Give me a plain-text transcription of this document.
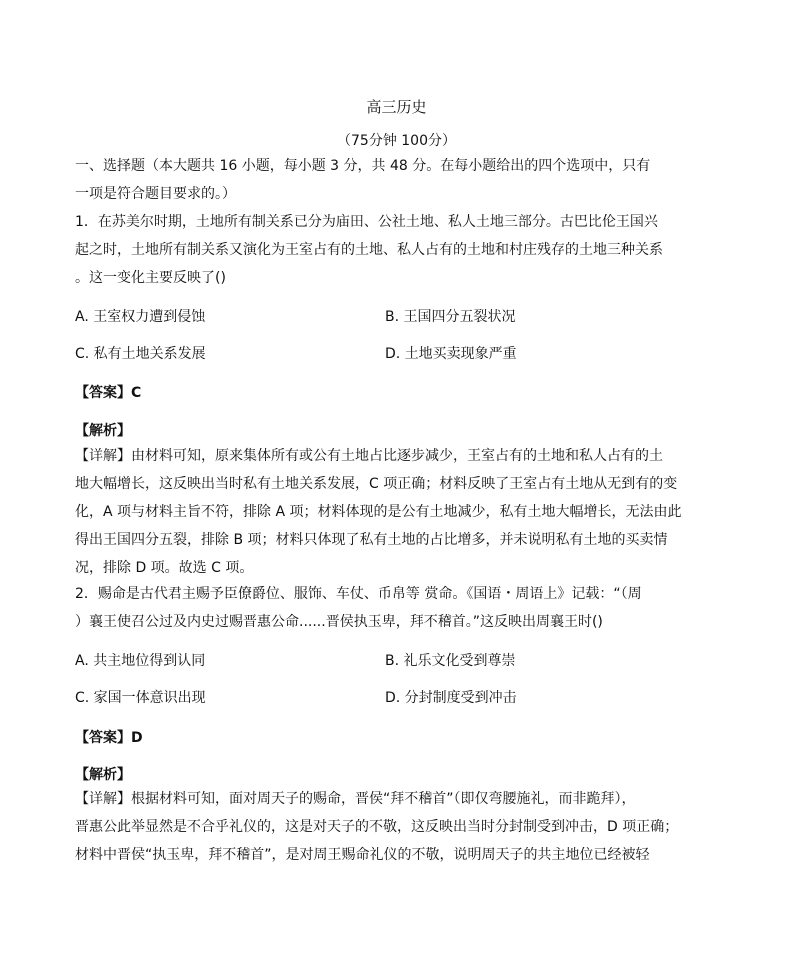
高三历史
（75分钟 100分）
一、选择题（本大题共 16 小题，每小题 3 分，共 48 分。在每小题给出的四个选项中，只有
一项是符合题目要求的。）
1．在苏美尔时期，土地所有制关系已分为庙田、公社土地、私人土地三部分。古巴比伦王国兴
起之时，土地所有制关系又演化为王室占有的土地、私人占有的土地和村庄残存的土地三种关系
。这一变化主要反映了()
A. 王室权力遭到侵蚀	B. 王国四分五裂状况
C. 私有土地关系发展	D. 土地买卖现象严重
【答案】C
【解析】
【详解】由材料可知，原来集体所有或公有土地占比逐步减少，王室占有的土地和私人占有的土
地大幅增长，这反映出当时私有土地关系发展，C 项正确；材料反映了王室占有土地从无到有的变
化，A 项与材料主旨不符，排除 A 项；材料体现的是公有土地减少，私有土地大幅增长，无法由此
得出王国四分五裂，排除 B 项；材料只体现了私有土地的占比增多，并未说明私有土地的买卖情
况，排除 D 项。故选 C 项。
2．赐命是古代君主赐予臣僚爵位、服饰、车仗、币帛等 赏命。《国语・周语上》记载：“（周
）襄王使召公过及内史过赐晋惠公命......晋侯执玉卑，拜不稽首。”这反映出周襄王时()
A. 共主地位得到认同	B. 礼乐文化受到尊崇
C. 家国一体意识出现	D. 分封制度受到冲击
【答案】D
【解析】
【详解】根据材料可知，面对周天子的赐命，晋侯“拜不稽首”（即仅弯腰施礼，而非跪拜），
晋惠公此举显然是不合乎礼仪的，这是对天子的不敬，这反映出当时分封制受到冲击，D 项正确；
材料中晋侯“执玉卑，拜不稽首”，是对周王赐命礼仪的不敬，说明周天子的共主地位已经被轻
